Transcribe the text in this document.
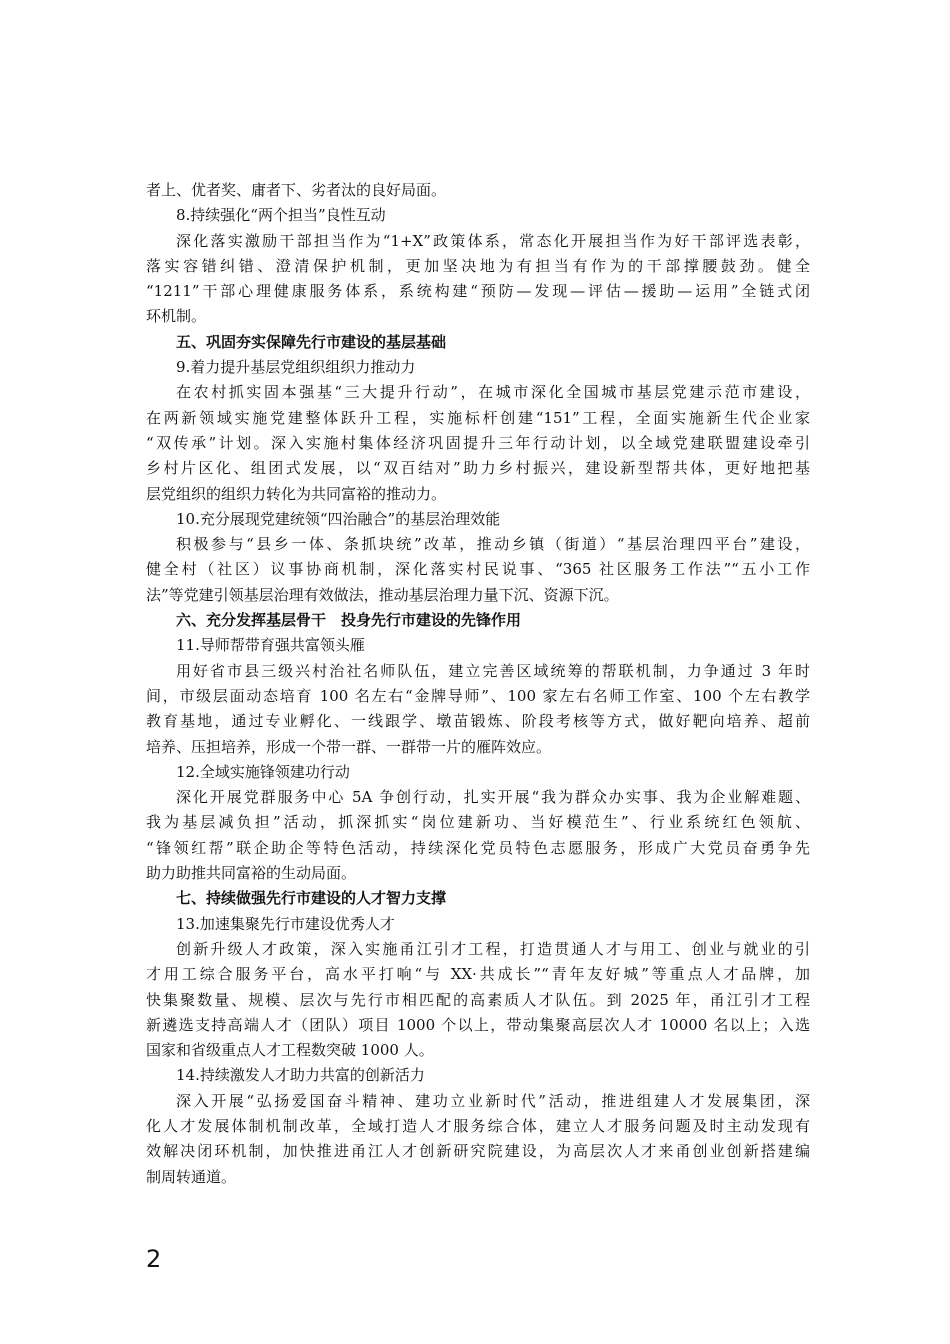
者上、优者奖、庸者下、劣者汰的良好局面。

8.持续强化“两个担当”良性互动

深化落实激励干部担当作为“1+X”政策体系，常态化开展担当作为好干部评选表彰，

落实容错纠错、澄清保护机制，更加坚决地为有担当有作为的干部撑腰鼓劲。健全

“1211”干部心理健康服务体系，系统构建“预防—发现—评估—援助—运用”全链式闭

环机制。

五、巩固夯实保障先行市建设的基层基础

9.着力提升基层党组织组织力推动力

在农村抓实固本强基“三大提升行动”，在城市深化全国城市基层党建示范市建设，

在两新领域实施党建整体跃升工程，实施标杆创建“151”工程，全面实施新生代企业家

“双传承”计划。深入实施村集体经济巩固提升三年行动计划，以全域党建联盟建设牵引

乡村片区化、组团式发展，以“双百结对”助力乡村振兴，建设新型帮共体，更好地把基

层党组织的组织力转化为共同富裕的推动力。

10.充分展现党建统领“四治融合”的基层治理效能

积极参与“县乡一体、条抓块统”改革，推动乡镇（街道）“基层治理四平台”建设，

健全村（社区）议事协商机制，深化落实村民说事、“365 社区服务工作法”“五小工作

法”等党建引领基层治理有效做法，推动基层治理力量下沉、资源下沉。

六、充分发挥基层骨干　投身先行市建设的先锋作用

11.导师帮带育强共富领头雁

用好省市县三级兴村治社名师队伍，建立完善区域统筹的帮联机制，力争通过 3 年时

间，市级层面动态培育 100 名左右“金牌导师”、100 家左右名师工作室、100 个左右教学

教育基地，通过专业孵化、一线跟学、墩苗锻炼、阶段考核等方式，做好靶向培养、超前

培养、压担培养，形成一个带一群、一群带一片的雁阵效应。

12.全域实施锋领建功行动

深化开展党群服务中心 5A 争创行动，扎实开展“我为群众办实事、我为企业解难题、

我为基层减负担”活动，抓深抓实“岗位建新功、当好模范生”、行业系统红色领航、

“锋领红帮”联企助企等特色活动，持续深化党员特色志愿服务，形成广大党员奋勇争先

助力助推共同富裕的生动局面。

七、持续做强先行市建设的人才智力支撑

13.加速集聚先行市建设优秀人才

创新升级人才政策，深入实施甬江引才工程，打造贯通人才与用工、创业与就业的引

才用工综合服务平台，高水平打响“与 XX·共成长”“青年友好城”等重点人才品牌，加

快集聚数量、规模、层次与先行市相匹配的高素质人才队伍。到 2025 年，甬江引才工程

新遴选支持高端人才（团队）项目 1000 个以上，带动集聚高层次人才 10000 名以上；入选

国家和省级重点人才工程数突破 1000 人。

14.持续激发人才助力共富的创新活力

深入开展“弘扬爱国奋斗精神、建功立业新时代”活动，推进组建人才发展集团，深

化人才发展体制机制改革，全域打造人才服务综合体，建立人才服务问题及时主动发现有

效解决闭环机制，加快推进甬江人才创新研究院建设，为高层次人才来甬创业创新搭建编

制周转通道。

2
